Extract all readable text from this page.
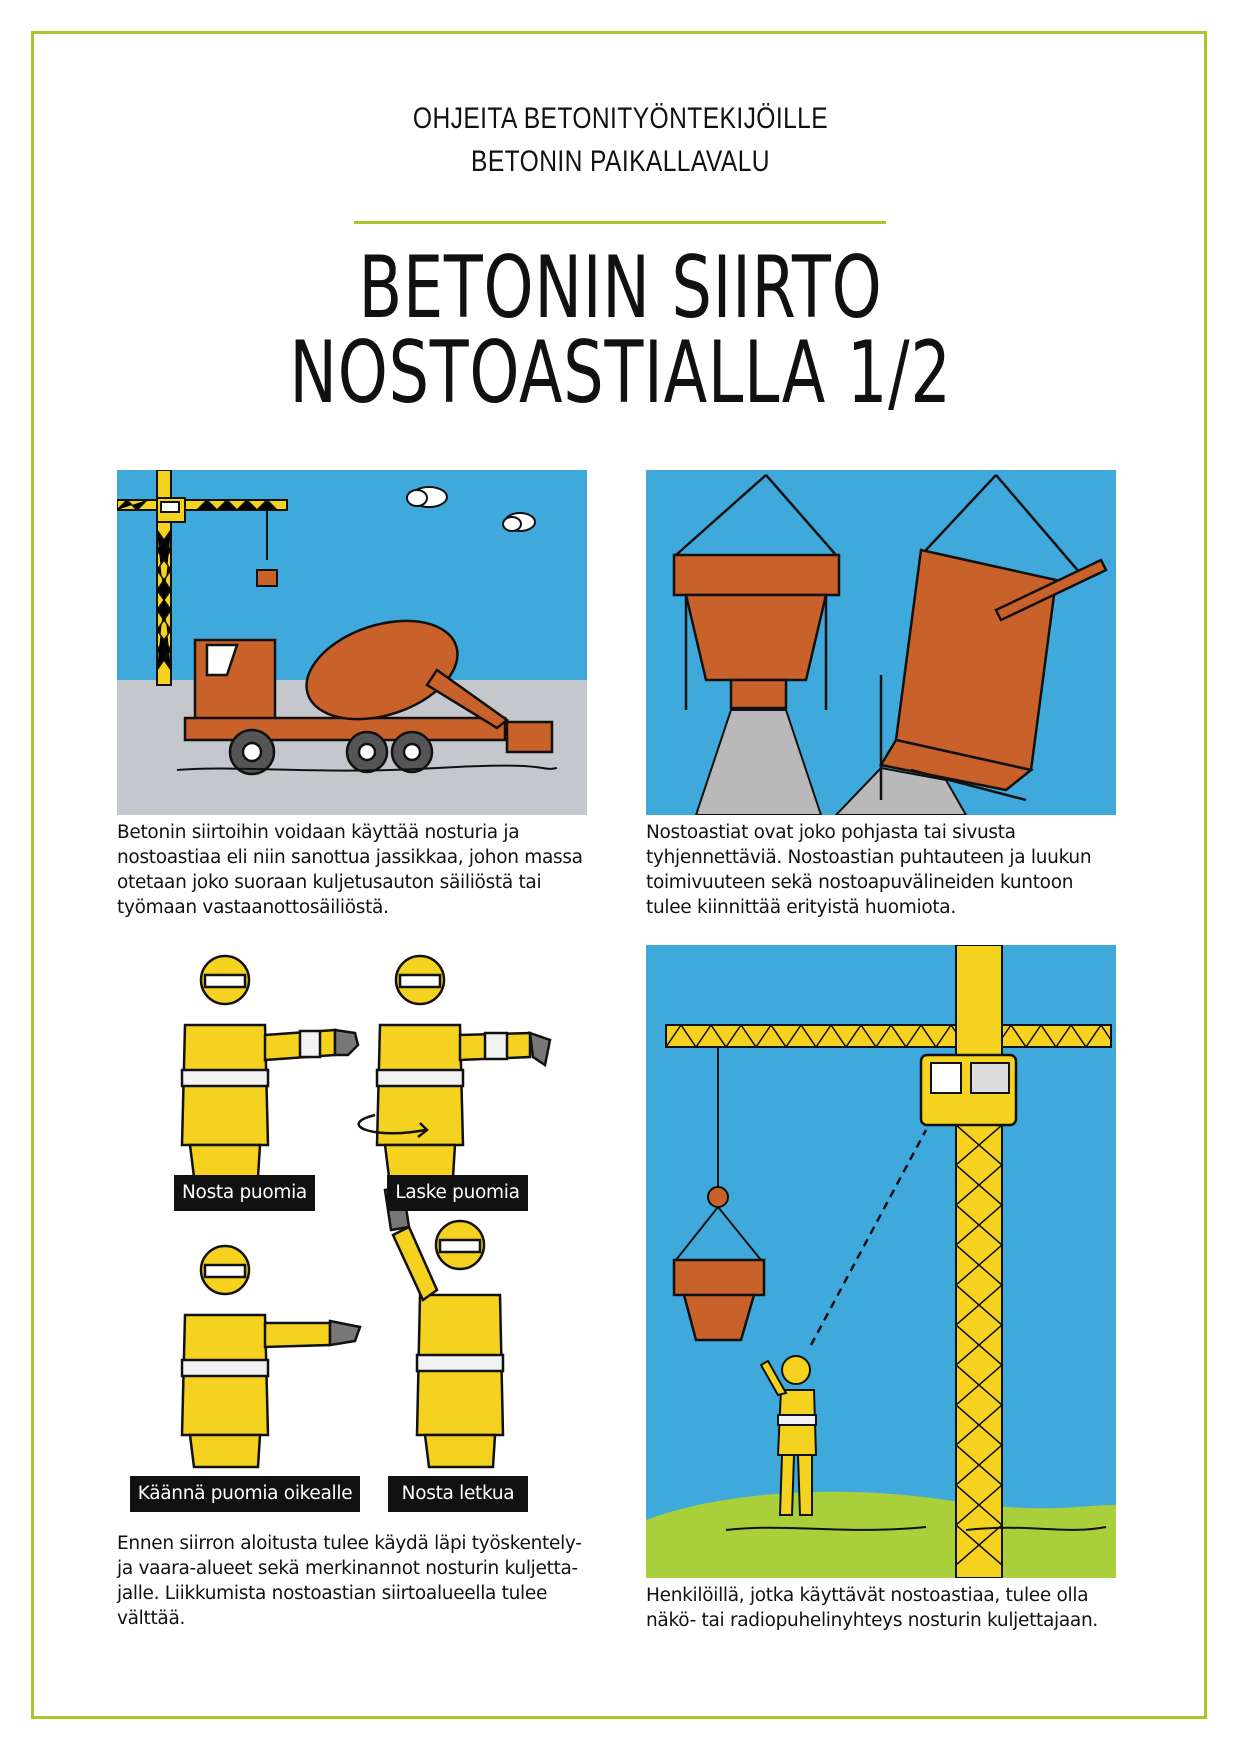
OHJEITA BETONITYÖNTEKIJÖILLE
BETONIN PAIKALLAVALU
BETONIN SIIRTO
NOSTOASTIALLA 1/2
Betonin siirtoihin voidaan käyttää nosturia ja
nostoastiaa eli niin sanottua jassikkaa, johon massa
otetaan joko suoraan kuljetusauton säiliöstä tai
työmaan vastaanottosäiliöstä.
Nostoastiat ovat joko pohjasta tai sivusta
tyhjennettäviä. Nostoastian puhtauteen ja luukun
toimivuuteen sekä nostoapuvälineiden kuntoon
tulee kiinnittää erityistä huomiota.
Nosta puomia	Laske puomia
Käännä puomia oikealle	Nosta letkua
Ennen siirron aloitusta tulee käydä läpi työskentely-
ja vaara-alueet sekä merkinannot nosturin kuljetta-
jalle. Liikkumista nostoastian siirtoalueella tulee
välttää.
Henkilöillä, jotka käyttävät nostoastiaa, tulee olla
näkö- tai radiopuhelinyhteys nosturin kuljettajaan.
